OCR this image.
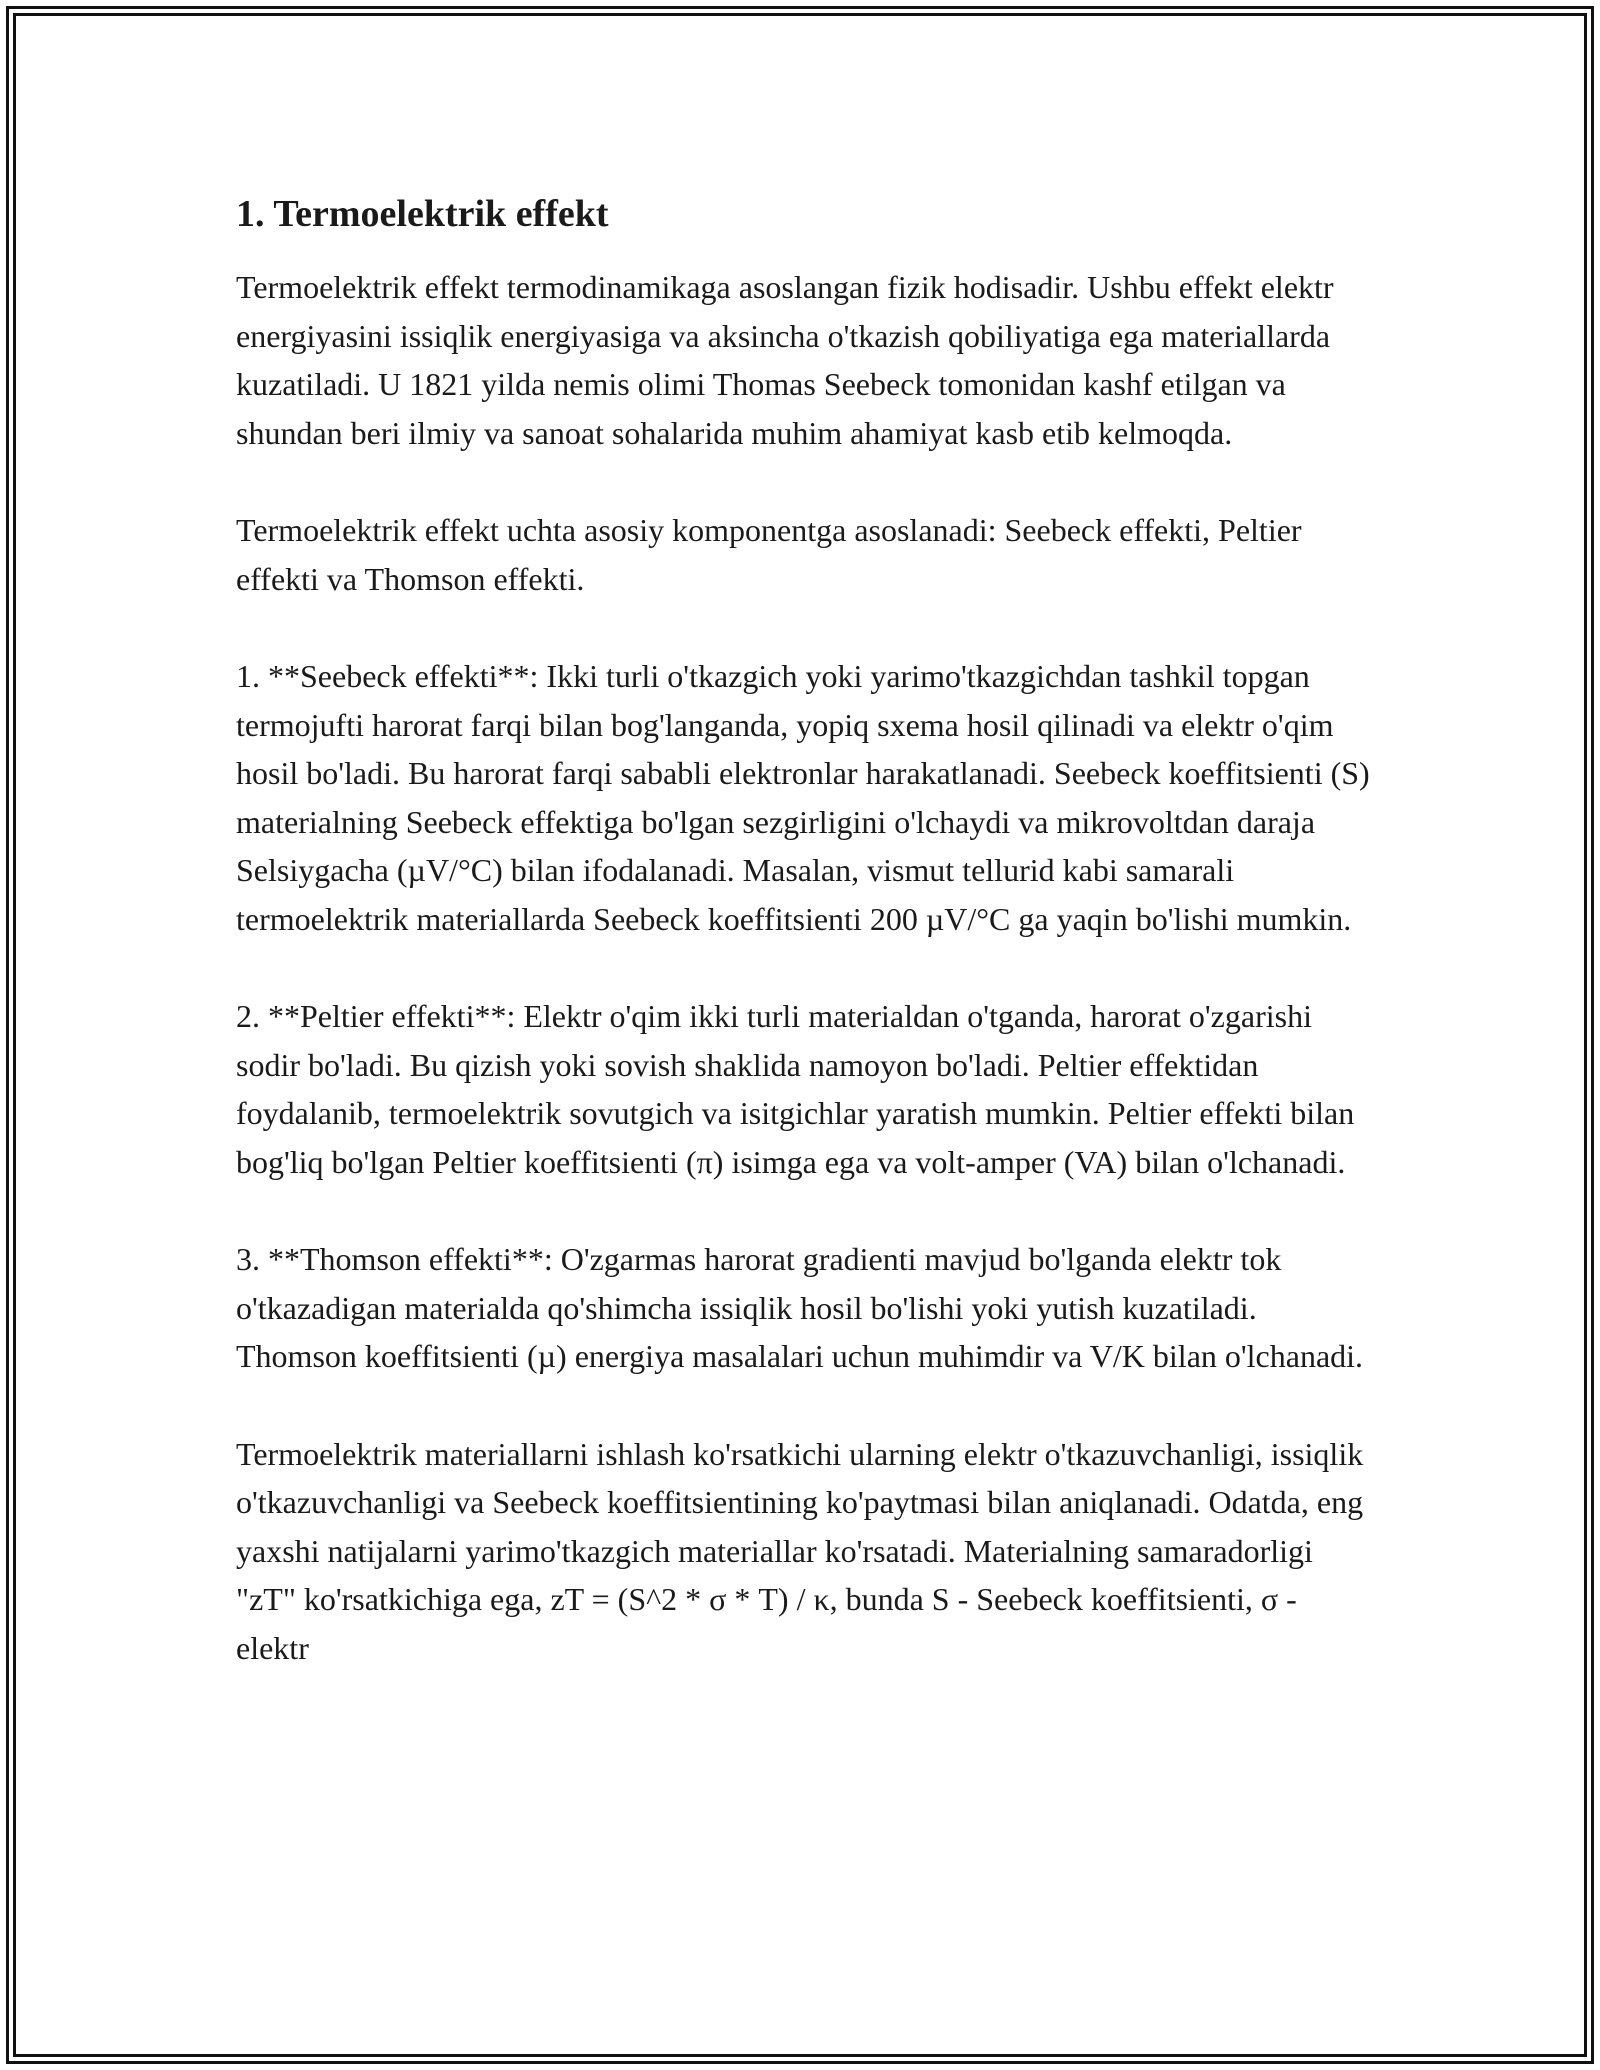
1. Termoelektrik effekt

Termoelektrik effekt termodinamikaga asoslangan fizik hodisadir. Ushbu effekt elektr energiyasini issiqlik energiyasiga va aksincha o'tkazish qobiliyatiga ega materiallarda kuzatiladi. U 1821 yilda nemis olimi Thomas Seebeck tomonidan kashf etilgan va shundan beri ilmiy va sanoat sohalarida muhim ahamiyat kasb etib kelmoqda.

Termoelektrik effekt uchta asosiy komponentga asoslanadi: Seebeck effekti, Peltier effekti va Thomson effekti.

1. **Seebeck effekti**: Ikki turli o'tkazgich yoki yarimo'tkazgichdan tashkil topgan termojufti harorat farqi bilan bog'langanda, yopiq sxema hosil qilinadi va elektr o'qim hosil bo'ladi. Bu harorat farqi sababli elektronlar harakatlanadi. Seebeck koeffitsienti (S) materialning Seebeck effektiga bo'lgan sezgirligini o'lchaydi va mikrovoltdan daraja Selsiygacha (µV/°C) bilan ifodalanadi. Masalan, vismut tellurid kabi samarali termoelektrik materiallarda Seebeck koeffitsienti 200 µV/°C ga yaqin bo'lishi mumkin.

2. **Peltier effekti**: Elektr o'qim ikki turli materialdan o'tganda, harorat o'zgarishi sodir bo'ladi. Bu qizish yoki sovish shaklida namoyon bo'ladi. Peltier effektidan foydalanib, termoelektrik sovutgich va isitgichlar yaratish mumkin. Peltier effekti bilan bog'liq bo'lgan Peltier koeffitsienti (π) isimga ega va volt-amper (VA) bilan o'lchanadi.

3. **Thomson effekti**: O'zgarmas harorat gradienti mavjud bo'lganda elektr tok o'tkazadigan materialda qo'shimcha issiqlik hosil bo'lishi yoki yutish kuzatiladi. Thomson koeffitsienti (µ) energiya masalalari uchun muhimdir va V/K bilan o'lchanadi.

Termoelektrik materiallarni ishlash ko'rsatkichi ularning elektr o'tkazuvchanligi, issiqlik o'tkazuvchanligi va Seebeck koeffitsientining ko'paytmasi bilan aniqlanadi. Odatda, eng yaxshi natijalarni yarimo'tkazgich materiallar ko'rsatadi. Materialning samaradorligi "zT" ko'rsatkichiga ega, zT = (S^2 * σ * T) / κ, bunda S - Seebeck koeffitsienti, σ - elektr
